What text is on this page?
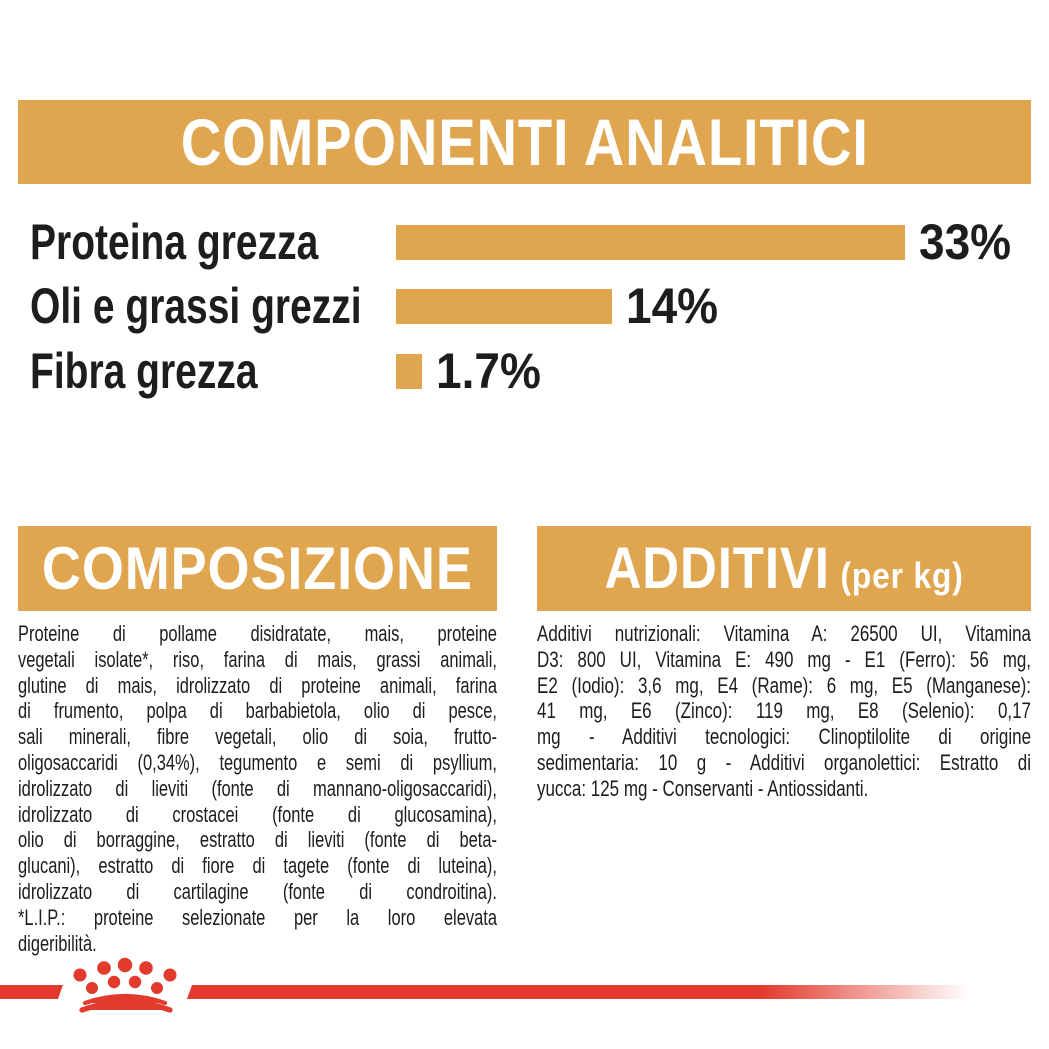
COMPONENTI ANALITICI
Proteina grezza	33%
Oli e grassi grezzi	14%
Fibra grezza	1.7%
COMPOSIZIONE
Proteine di pollame disidratate, mais, proteine
vegetali isolate*, riso, farina di mais, grassi animali,
glutine di mais, idrolizzato di proteine animali, farina
di frumento, polpa di barbabietola, olio di pesce,
sali minerali, fibre vegetali, olio di soia, frutto-
oligosaccaridi (0,34%), tegumento e semi di psyllium,
idrolizzato di lieviti (fonte di mannano-oligosaccaridi),
idrolizzato di crostacei (fonte di glucosamina),
olio di borraggine, estratto di lieviti (fonte di beta-
glucani), estratto di fiore di tagete (fonte di luteina),
idrolizzato di cartilagine (fonte di condroitina).
*L.I.P.: proteine selezionate per la loro elevata
digeribilità.
ADDITIVI (per kg)
Additivi nutrizionali: Vitamina A: 26500 UI, Vitamina
D3: 800 UI, Vitamina E: 490 mg - E1 (Ferro): 56 mg,
E2 (Iodio): 3,6 mg, E4 (Rame): 6 mg, E5 (Manganese):
41 mg, E6 (Zinco): 119 mg, E8 (Selenio): 0,17
mg - Additivi tecnologici: Clinoptilolite di origine
sedimentaria: 10 g - Additivi organolettici: Estratto di
yucca: 125 mg - Conservanti - Antiossidanti.
